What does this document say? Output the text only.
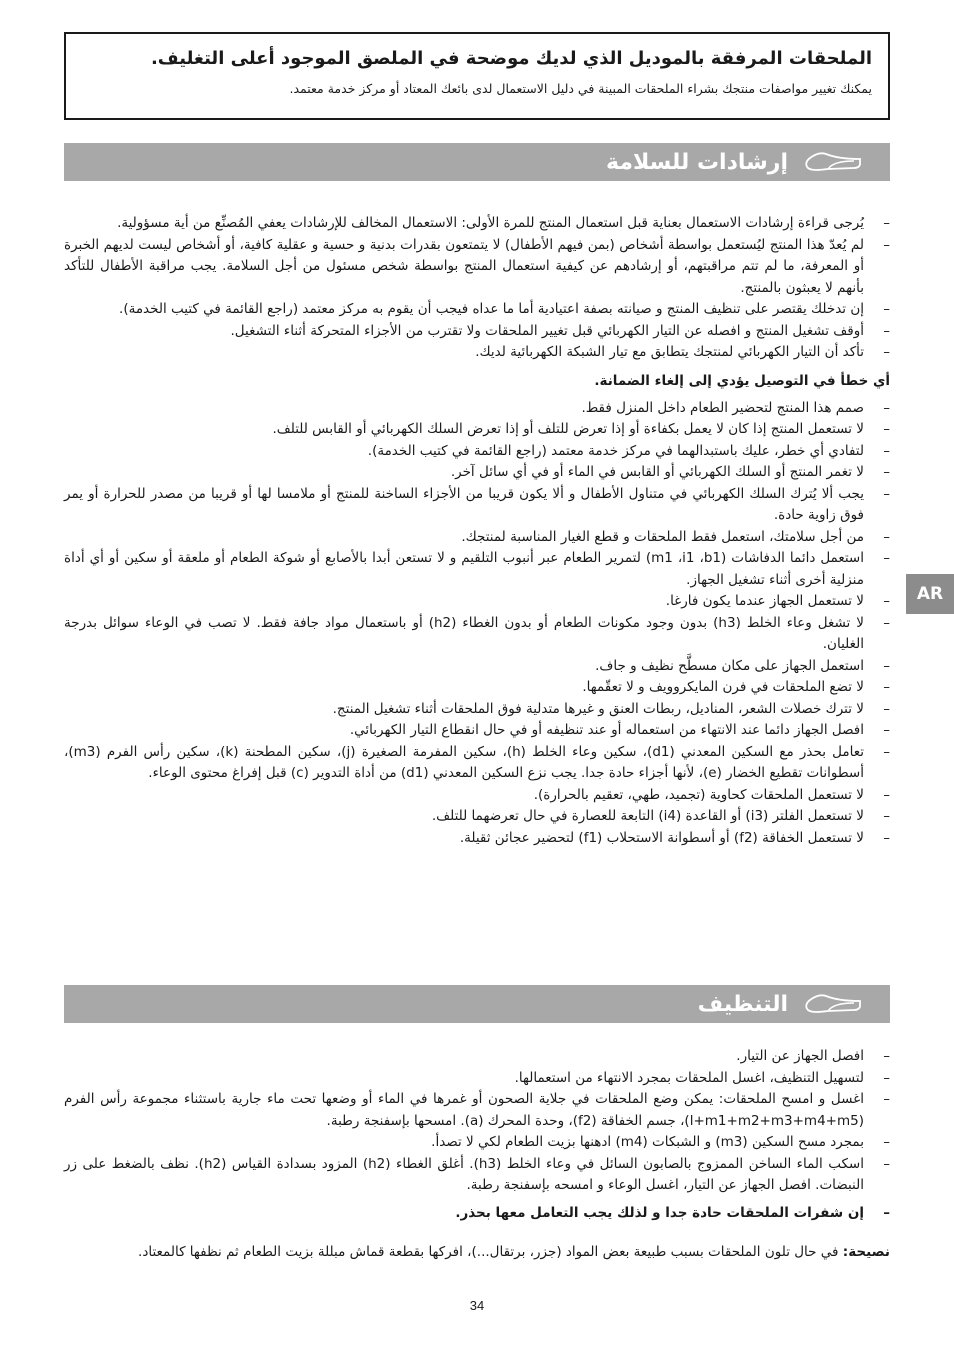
الملحقات المرفقة بالموديل الذي لديك موضحة في الملصق الموجود أعلى التغليف.
يمكنك تغيير مواصفات منتجك بشراء الملحقات المبينة في دليل الاستعمال لدى بائعك المعتاد أو مركز خدمة معتمد.
إرشادات للسلامة
– يُرجى قراءة إرشادات الاستعمال بعناية قبل استعمال المنتج للمرة الأولى: الاستعمال المخالف للإرشادات يعفي المُصنِّع من أية مسؤولية.
– لم يُعدّ هذا المنتج ليُستعمل بواسطة أشخاص (بمن فيهم الأطفال) لا يتمتعون بقدرات بدنية و حسية و عقلية كافية، أو أشخاص ليست لديهم الخبرة أو المعرفة، ما لم تتم مراقبتهم، أو إرشادهم عن كيفية استعمال المنتج بواسطة شخص مسئول من أجل السلامة. يجب مراقبة الأطفال للتأكد بأنهم لا يعبثون بالمنتج.
– إن تدخلك يقتصر على تنظيف المنتج و صيانته بصفة اعتيادية أما ما عداه فيجب أن يقوم به مركز معتمد (راجع القائمة في كتيب الخدمة).
– أوقف تشغيل المنتج و افصله عن التيار الكهربائي قبل تغيير الملحقات ولا تقترب من الأجزاء المتحركة أثناء التشغيل.
– تأكد أن التيار الكهربائي لمنتجك يتطابق مع تيار الشبكة الكهربائية لديك.
أي خطأ في التوصيل يؤدي إلى إلغاء الضمانة.
– صمم هذا المنتج لتحضير الطعام داخل المنزل فقط.
– لا تستعمل المنتج إذا كان لا يعمل بكفاءة أو إذا تعرض للتلف أو إذا تعرض السلك الكهربائي أو القابس للتلف.
– لتفادي أي خطر، عليك باستبدالهما في مركز خدمة معتمد (راجع القائمة في كتيب الخدمة).
– لا تغمر المنتج أو السلك الكهربائي أو القابس في الماء أو في أي سائل آخر.
– يجب ألا يُترك السلك الكهربائي في متناول الأطفال و ألا يكون قريبا من الأجزاء الساخنة للمنتج أو ملامسا لها أو قريبا من مصدر للحرارة أو يمر فوق زاوية حادة.
– من أجل سلامتك، استعمل فقط الملحقات و قطع الغيار المناسبة لمنتجك.
– استعمل دائما الدفاشات (m1 ،i1 ،b1) لتمرير الطعام عبر أنبوب التلقيم و لا تستعن أبدا بالأصابع أو شوكة الطعام أو ملعقة أو سكين أو أي أداة منزلية أخرى أثناء تشغيل الجهاز.
– لا تستعمل الجهاز عندما يكون فارغا.
– لا تشغل وعاء الخلط (h3) بدون وجود مكونات الطعام أو بدون الغطاء (h2) أو باستعمال مواد جافة فقط. لا تصب في الوعاء سوائل بدرجة الغليان.
– استعمل الجهاز على مكان مسطَّح نظيف و جاف.
– لا تضع الملحقات في فرن المايكروويف و لا تعقّمها.
– لا تترك خصلات الشعر، المناديل، ربطات العنق و غيرها متدلية فوق الملحقات أثناء تشغيل المنتج.
– افصل الجهاز دائما عند الانتهاء من استعماله أو عند تنظيفه أو في حال انقطاع التيار الكهربائي.
– تعامل بحذر مع السكين المعدني (d1)، سكين وعاء الخلط (h)، سكين المفرمة الصغيرة (j)، سكين المطحنة (k)، سكين رأس الفرم (m3)، أسطوانات تقطيع الخضار (e)، لأنها أجزاء حادة جدا. يجب نزع السكين المعدني (d1) من أداة التدوير (c) قبل إفراغ محتوى الوعاء.
– لا تستعمل الملحقات كحاوية (تجميد، طهي، تعقيم بالحرارة).
– لا تستعمل الفلتر (i3) أو القاعدة (i4) التابعة للعصارة في حال تعرضهما للتلف.
– لا تستعمل الخفاقة (f2) أو أسطوانة الاستحلاب (f1) لتحضير عجائن ثقيلة.
التنظيف
– افصل الجهاز عن التيار.
– لتسهيل التنظيف، اغسل الملحقات بمجرد الانتهاء من استعمالها.
– اغسل و امسح الملحقات: يمكن وضع الملحقات في جلاية الصحون أو غمرها في الماء أو وضعها تحت ماء جارية باستثناء مجموعة رأس الفرم (l+m1+m2+m3+m4+m5)، جسم الخفاقة (f2)، وحدة المحرك (a). امسحها بإسفنجة رطبة.
– بمجرد مسح السكين (m3) و الشبكات (m4) ادهنها بزيت الطعام لكي لا تصدأ.
– اسكب الماء الساخن الممزوج بالصابون السائل في وعاء الخلط (h3). أغلق الغطاء (h2) المزود بسدادة القياس (h2). نظف بالضغط على زر النبضات. افصل الجهاز عن التيار، اغسل الوعاء و امسحه بإسفنجة رطبة.
– إن شفرات الملحقات حادة جدا و لذلك يجب التعامل معها بحذر.
نصيحة: في حال تلون الملحقات بسبب طبيعة بعض المواد (جزر، برتقال...)، افركها بقطعة قماش مبللة بزيت الطعام ثم نظفها كالمعتاد.
AR
34
